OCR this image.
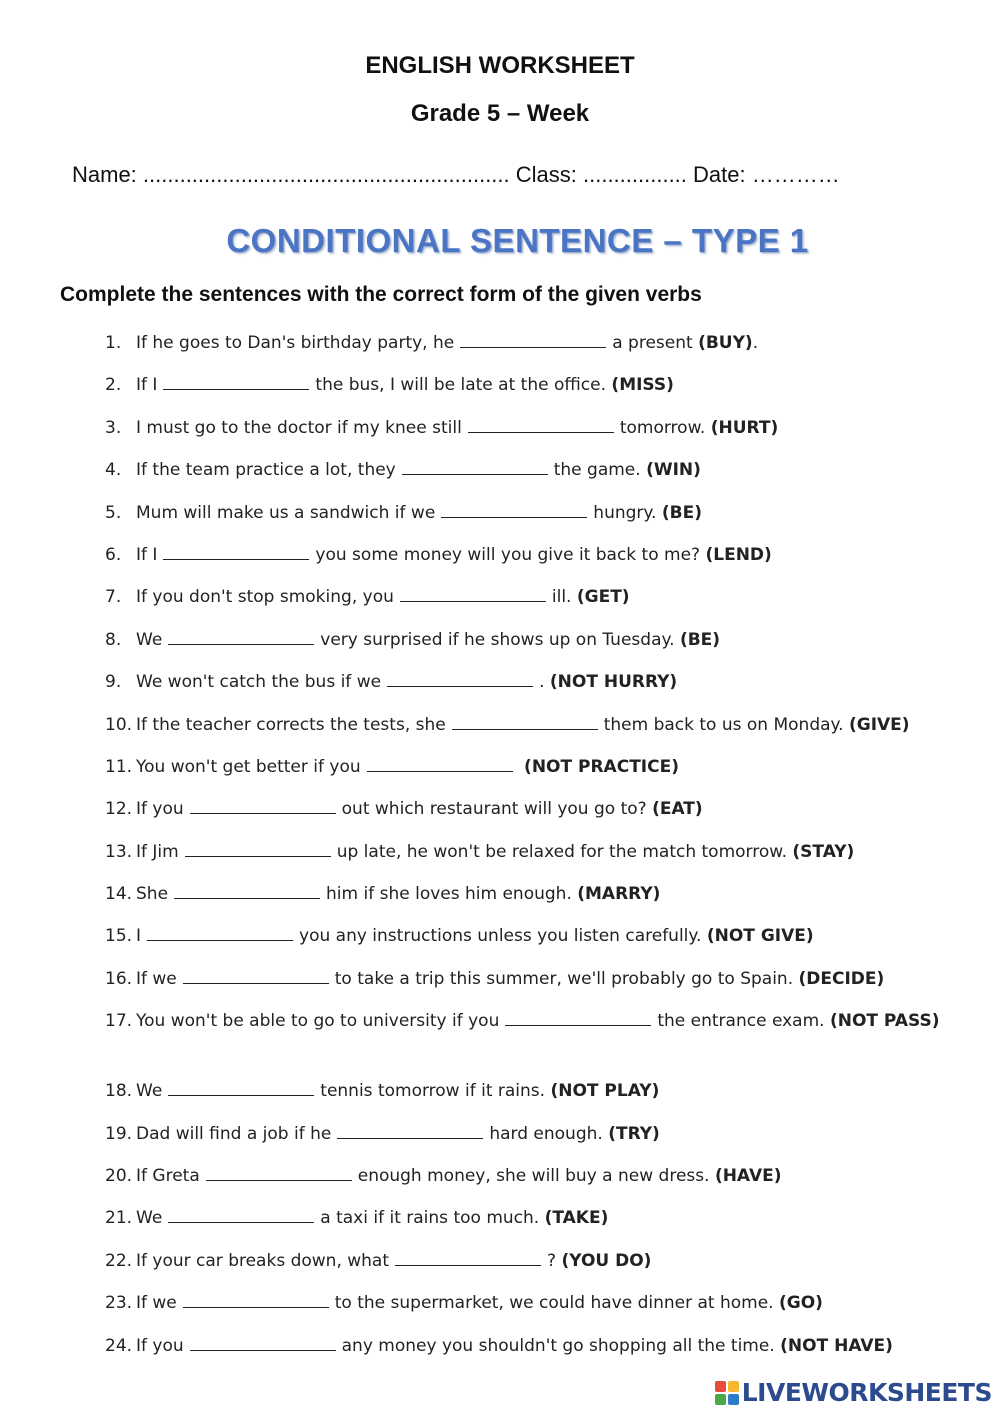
ENGLISH WORKSHEET
Grade 5 – Week
Name: ............................................................ Class: ................. Date: …………
CONDITIONAL SENTENCE – TYPE 1
Complete the sentences with the correct form of the given verbs
1. If he goes to Dan's birthday party, he	a present (BUY).
2. If I	the bus, I will be late at the office. (MISS)
3. I must go to the doctor if my knee still	tomorrow. (HURT)
4. If the team practice a lot, they	the game. (WIN)
5. Mum will make us a sandwich if we	hungry. (BE)
6. If I	you some money will you give it back to me? (LEND)
7. If you don't stop smoking, you	ill. (GET)
8. We	very surprised if he shows up on Tuesday. (BE)
9. We won't catch the bus if we	. (NOT HURRY)
10. If the teacher corrects the tests, she	them back to us on Monday. (GIVE)
11. You won't get better if you	(NOT PRACTICE)
12. If you	out which restaurant will you go to? (EAT)
13. If Jim	up late, he won't be relaxed for the match tomorrow. (STAY)
14. She	him if she loves him enough. (MARRY)
15. I	you any instructions unless you listen carefully. (NOT GIVE)
16. If we	to take a trip this summer, we'll probably go to Spain. (DECIDE)
17. You won't be able to go to university if you	the entrance exam. (NOT PASS)
18. We	tennis tomorrow if it rains. (NOT PLAY)
19. Dad will find a job if he	hard enough. (TRY)
20. If Greta	enough money, she will buy a new dress. (HAVE)
21. We	a taxi if it rains too much. (TAKE)
22. If your car breaks down, what	? (YOU DO)
23. If we	to the supermarket, we could have dinner at home. (GO)
24. If you	any money you shouldn't go shopping all the time. (NOT HAVE)
LIVEWORKSHEETS
